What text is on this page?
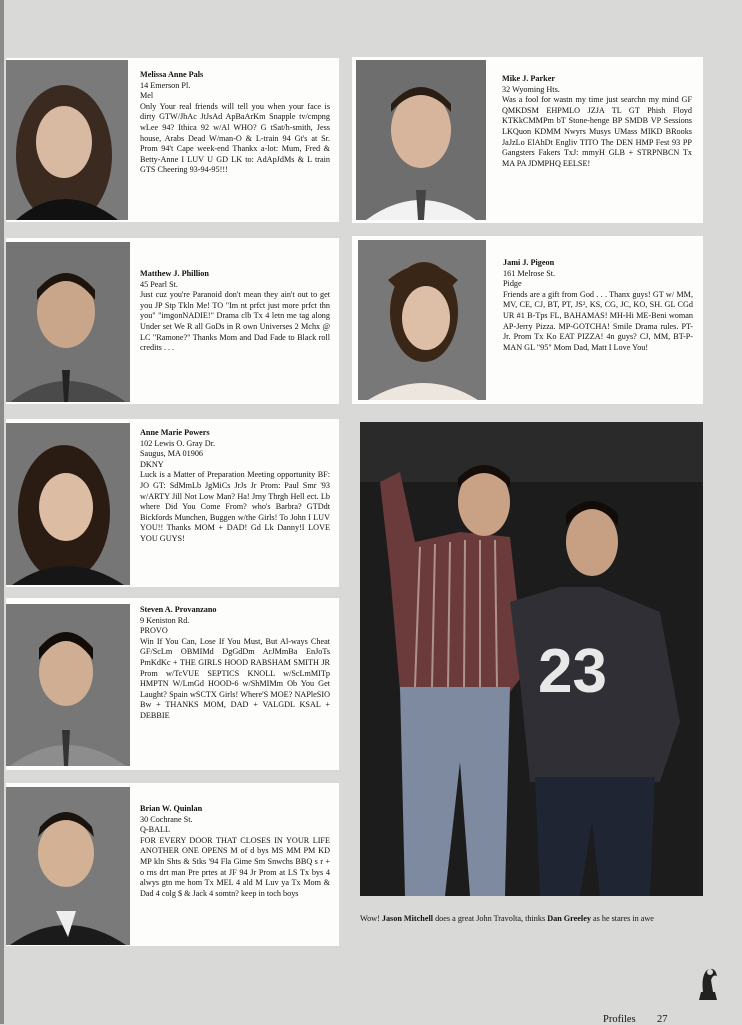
Melissa Anne Pals
14 Emerson Pl.
Mel
Only Your real friends will tell you when your face is dirty GTW/JhAc JtJsAd ApBaArKm Snapple tv/cmpng wLee 94? Ithica 92 w/Al WHO? G tSat/h-smith, Jess house, Arabs Dead W/man-O & L-train 94 Gt's at Sr. Prom 94't Cape week-end Thankx a-lot: Mum, Fred & Betty-Anne I LUV U GD LK to: AdApJdMs & L train GTS Cheering 93-94-95!!!
Mike J. Parker
32 Wyoming Hts.
Was a fool for wastn my time just searchn my mind GF QMKDSM EHPMLO JZJA TL GT Phish Floyd KTKkCMMPm bT Stone-henge BP SMDB VP Sessions LKQuon KDMM Nwyrs Musys UMass MIKD BRooks JaJzLo ElAhDt Engliv TITO The DEN HMP Fest 93 PP Gangsters Fakers TxJ: mmyH GLB + STRPNBCN Tx MA PA JDMPHQ EELSE!
Matthew J. Phillion
45 Pearl St.
Just cuz you're Paranoid don't mean they ain't out to get you JP Stp Tkln Me! TO "Im nt prfct just more prfct thn you" "imgonNADIE!" Drama clb Tx 4 letn me tag along Under set We R all GoDs in R own Universes 2 Mchx @ LC "Ramone?" Thanks Mom and Dad Fade to Black roll credits . . .
Jami J. Pigeon
161 Melrose St.
Pidge
Friends are a gift from God . . . Thanx guys! GT w/ MM, MV, CE, CJ, BT, PT, JS², KS, CG, JC, KO, SH. GL CGd UR #1 B-Tps FL, BAHAMAS! MH-Hi ME-Beni woman AP-Jerry Pizza. MP-GOTCHA! Smile Drama rules. PT-Jr. Prom Tx Ko EAT PIZZA! 4n guys? CJ, MM, BT-P-MAN GL "95" Mom Dad, Matt I Love You!
Anne Marie Powers
102 Lewis O. Gray Dr.
Saugus, MA 01906
DKNY
Luck is a Matter of Preparation Meeting opportunity BF: JO GT: SdMmLb JgMiCs JrJs Jr Prom: Paul Smr '93 w/ARTY Jill Not Low Man? Ha! Jrny Thrgh Hell ect. Lb where Did You Come From? who's Barbra? GTDdt Bickfords Munchen, Buggen w/the Girls! To John I LUV YOU!! Thanks MOM + DAD! Gd Lk Danny!I LOVE YOU GUYS!
Steven A. Provanzano
9 Keniston Rd.
PROVO
Win If You Can, Lose If You Must, But Al-ways Cheat GF/ScLm OBMIMd DgGdDm ArJMmBa EnJoTs PmKdKc + THE GIRLS HOOD RABSHAM SMITH JR Prom w/TcVUE SEPTICS KNOLL w/ScLmMITp HMPTN W/LmGd HOOD-6 w/ShMIMm Ob You Get Laught? Spain wSCTX Girls! Where'S MOE? NAPleSIO Bw + THANKS MOM, DAD + VALGDL KSAL + DEBBIE
Brian W. Quinlan
30 Cochrane St.
Q-BALL
FOR EVERY DOOR THAT CLOSES IN YOUR LIFE ANOTHER ONE OPENS M of d bys MS MM PM KD MP kln Shts & Stks '94 Fla Gime Sm Snwchs BBQ s r + o rns drt man Pre prtes at JF 94 Jr Prom at LS Tx bys 4 alwys gtn me hom Tx MEL 4 ald M Luv ya Tx Mom & Dad 4 colg $ & Jack 4 somtn? keep in toch boys
23
Wow! Jason Mitchell does a great John Travolta, thinks Dan Greeley as he stares in awe
Profiles 27
